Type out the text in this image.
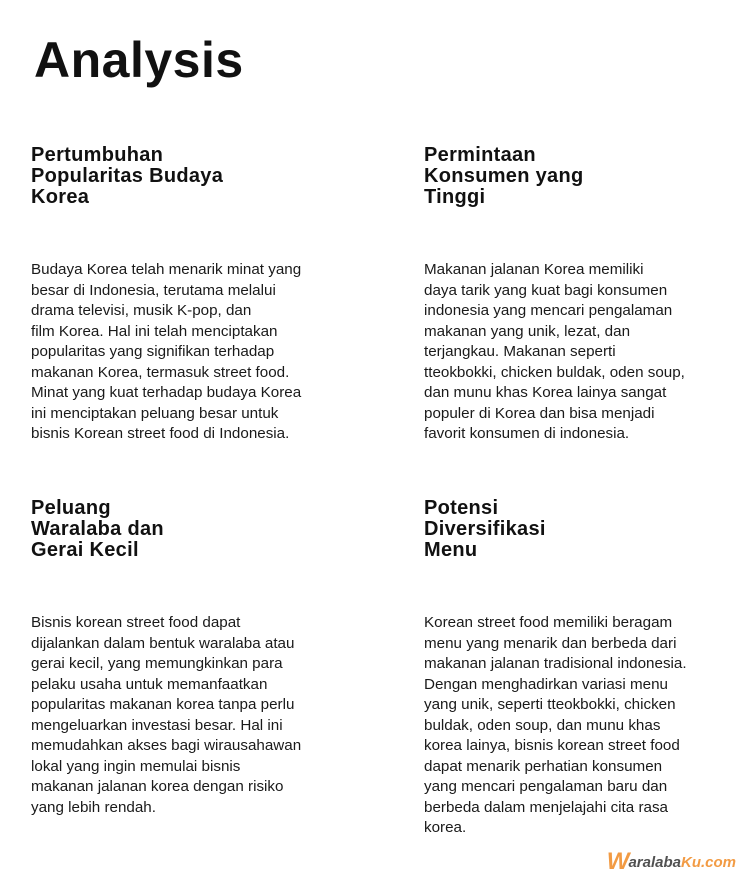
Analysis
Pertumbuhan
Popularitas Budaya
Korea

Budaya Korea telah menarik minat yang
besar di Indonesia, terutama melalui
drama televisi, musik K-pop, dan
film Korea. Hal ini telah menciptakan
popularitas yang signifikan terhadap
makanan Korea, termasuk street food.
Minat yang kuat terhadap budaya Korea
ini menciptakan peluang besar untuk
bisnis Korean street food di Indonesia.

Permintaan
Konsumen yang
Tinggi

Makanan jalanan Korea memiliki
daya tarik yang kuat bagi konsumen
indonesia yang mencari pengalaman
makanan yang unik, lezat, dan
terjangkau. Makanan seperti
tteokbokki, chicken buldak, oden soup,
dan munu khas Korea lainya sangat
populer di Korea dan bisa menjadi
favorit konsumen di indonesia.

Peluang
Waralaba dan
Gerai Kecil

Bisnis korean street food dapat
dijalankan dalam bentuk waralaba atau
gerai kecil, yang memungkinkan para
pelaku usaha untuk memanfaatkan
popularitas makanan korea tanpa perlu
mengeluarkan investasi besar. Hal ini
memudahkan akses bagi wirausahawan
lokal yang ingin memulai bisnis
makanan jalanan korea dengan risiko
yang lebih rendah.

Potensi
Diversifikasi
Menu

Korean street food memiliki beragam
menu yang menarik dan berbeda dari
makanan jalanan tradisional indonesia.
Dengan menghadirkan variasi menu
yang unik, seperti tteokbokki, chicken
buldak, oden soup, dan munu khas
korea lainya, bisnis korean street food
dapat menarik perhatian konsumen
yang mencari pengalaman baru dan
berbeda dalam menjelajahi cita rasa
korea.

W aralaba Ku.com
